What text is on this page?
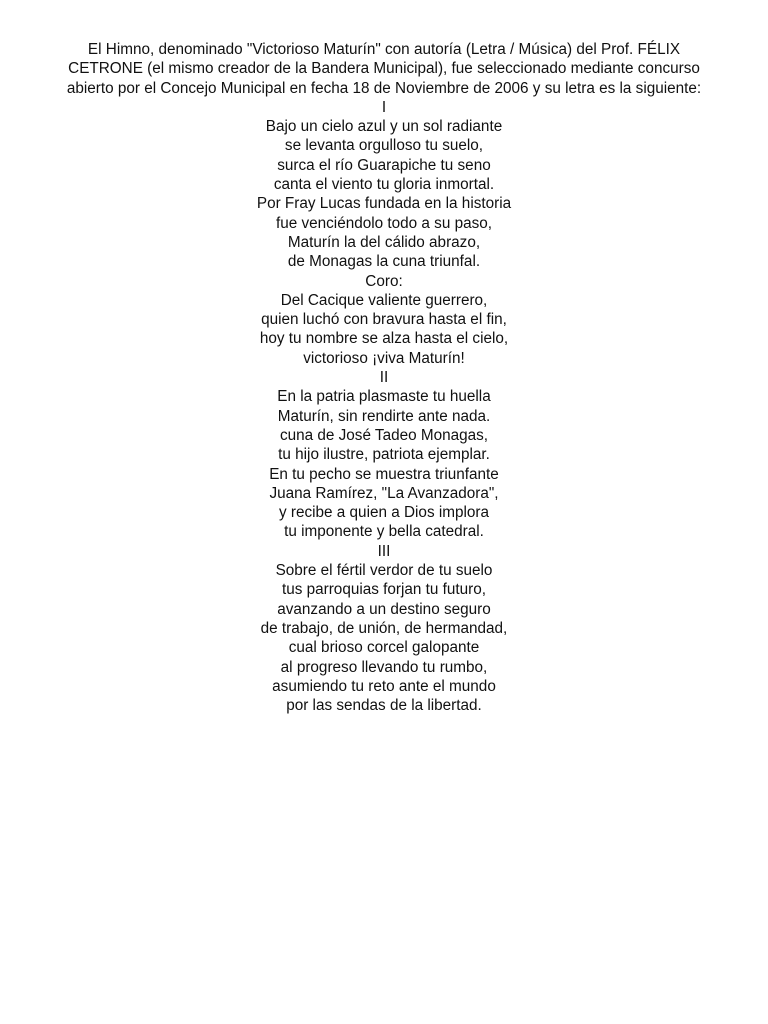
El Himno, denominado "Victorioso Maturín" con autoría (Letra / Música) del Prof. FÉLIX
CETRONE (el mismo creador de la Bandera Municipal), fue seleccionado mediante concurso
abierto por el Concejo Municipal en fecha 18 de Noviembre de 2006 y su letra es la siguiente:
I
Bajo un cielo azul y un sol radiante
se levanta orgulloso tu suelo,
surca el río Guarapiche tu seno
canta el viento tu gloria inmortal.
Por Fray Lucas fundada en la historia
fue venciéndolo todo a su paso,
Maturín la del cálido abrazo,
de Monagas la cuna triunfal.
Coro:
Del Cacique valiente guerrero,
quien luchó con bravura hasta el fin,
hoy tu nombre se alza hasta el cielo,
victorioso ¡viva Maturín!
II
En la patria plasmaste tu huella
Maturín, sin rendirte ante nada.
cuna de José Tadeo Monagas,
tu hijo ilustre, patriota ejemplar.
En tu pecho se muestra triunfante
Juana Ramírez, "La Avanzadora",
y recibe a quien a Dios implora
tu imponente y bella catedral.
III
Sobre el fértil verdor de tu suelo
tus parroquias forjan tu futuro,
avanzando a un destino seguro
de trabajo, de unión, de hermandad,
cual brioso corcel galopante
al progreso llevando tu rumbo,
asumiendo tu reto ante el mundo
por las sendas de la libertad.
